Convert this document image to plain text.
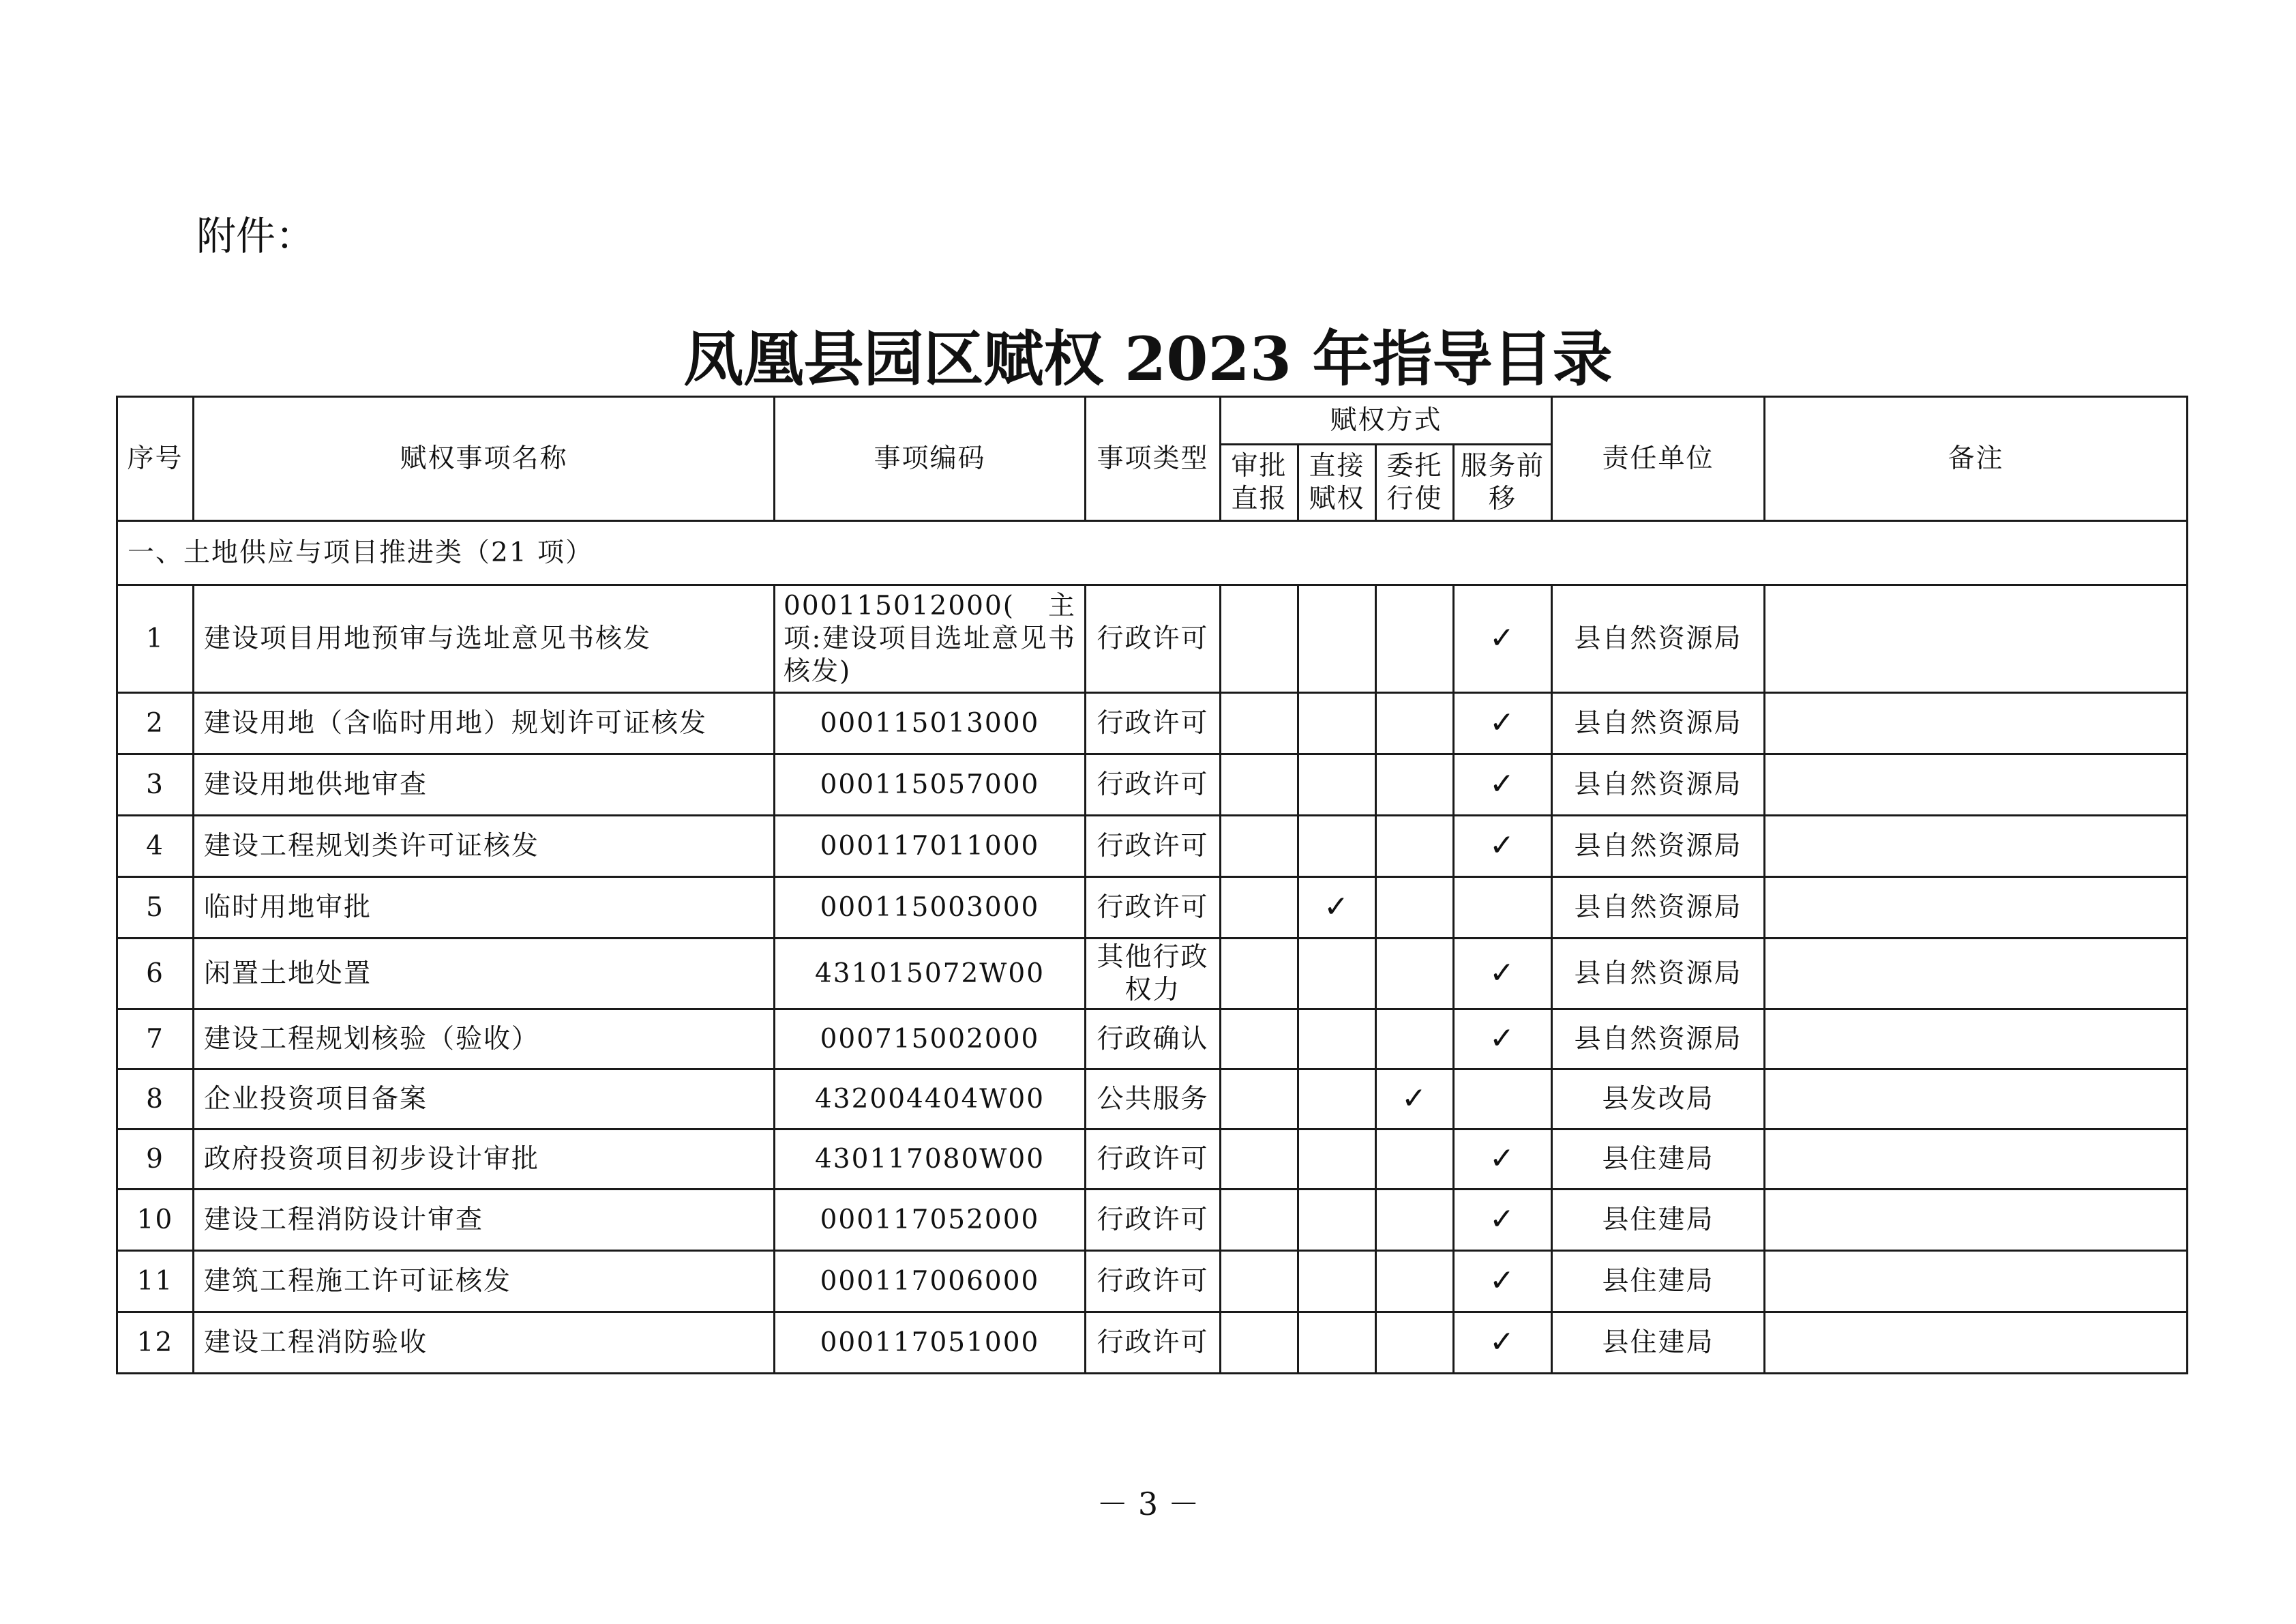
附件：
凤凰县园区赋权 2023 年指导目录
序号	赋权事项名称	事项编码	事项类型	赋权方式				责任单位	备注
				审批直报	直接赋权	委托行使	服务前移		
一、土地供应与项目推进类（21 项）									
1	建设项目用地预审与选址意见书核发	000115012000(主项:建设项目选址意见书核发)	行政许可				✓	县自然资源局	
2	建设用地（含临时用地）规划许可证核发	000115013000	行政许可				✓	县自然资源局	
3	建设用地供地审查	000115057000	行政许可				✓	县自然资源局	
4	建设工程规划类许可证核发	000117011000	行政许可				✓	县自然资源局	
5	临时用地审批	000115003000	行政许可		✓			县自然资源局	
6	闲置土地处置	431015072W00	其他行政权力				✓	县自然资源局	
7	建设工程规划核验（验收）	000715002000	行政确认				✓	县自然资源局	
8	企业投资项目备案	432004404W00	公共服务			✓		县发改局	
9	政府投资项目初步设计审批	430117080W00	行政许可				✓	县住建局	
10	建设工程消防设计审查	000117052000	行政许可				✓	县住建局	
11	建筑工程施工许可证核发	000117006000	行政许可				✓	县住建局	
12	建设工程消防验收	000117051000	行政许可				✓	县住建局	
－ 3 －
